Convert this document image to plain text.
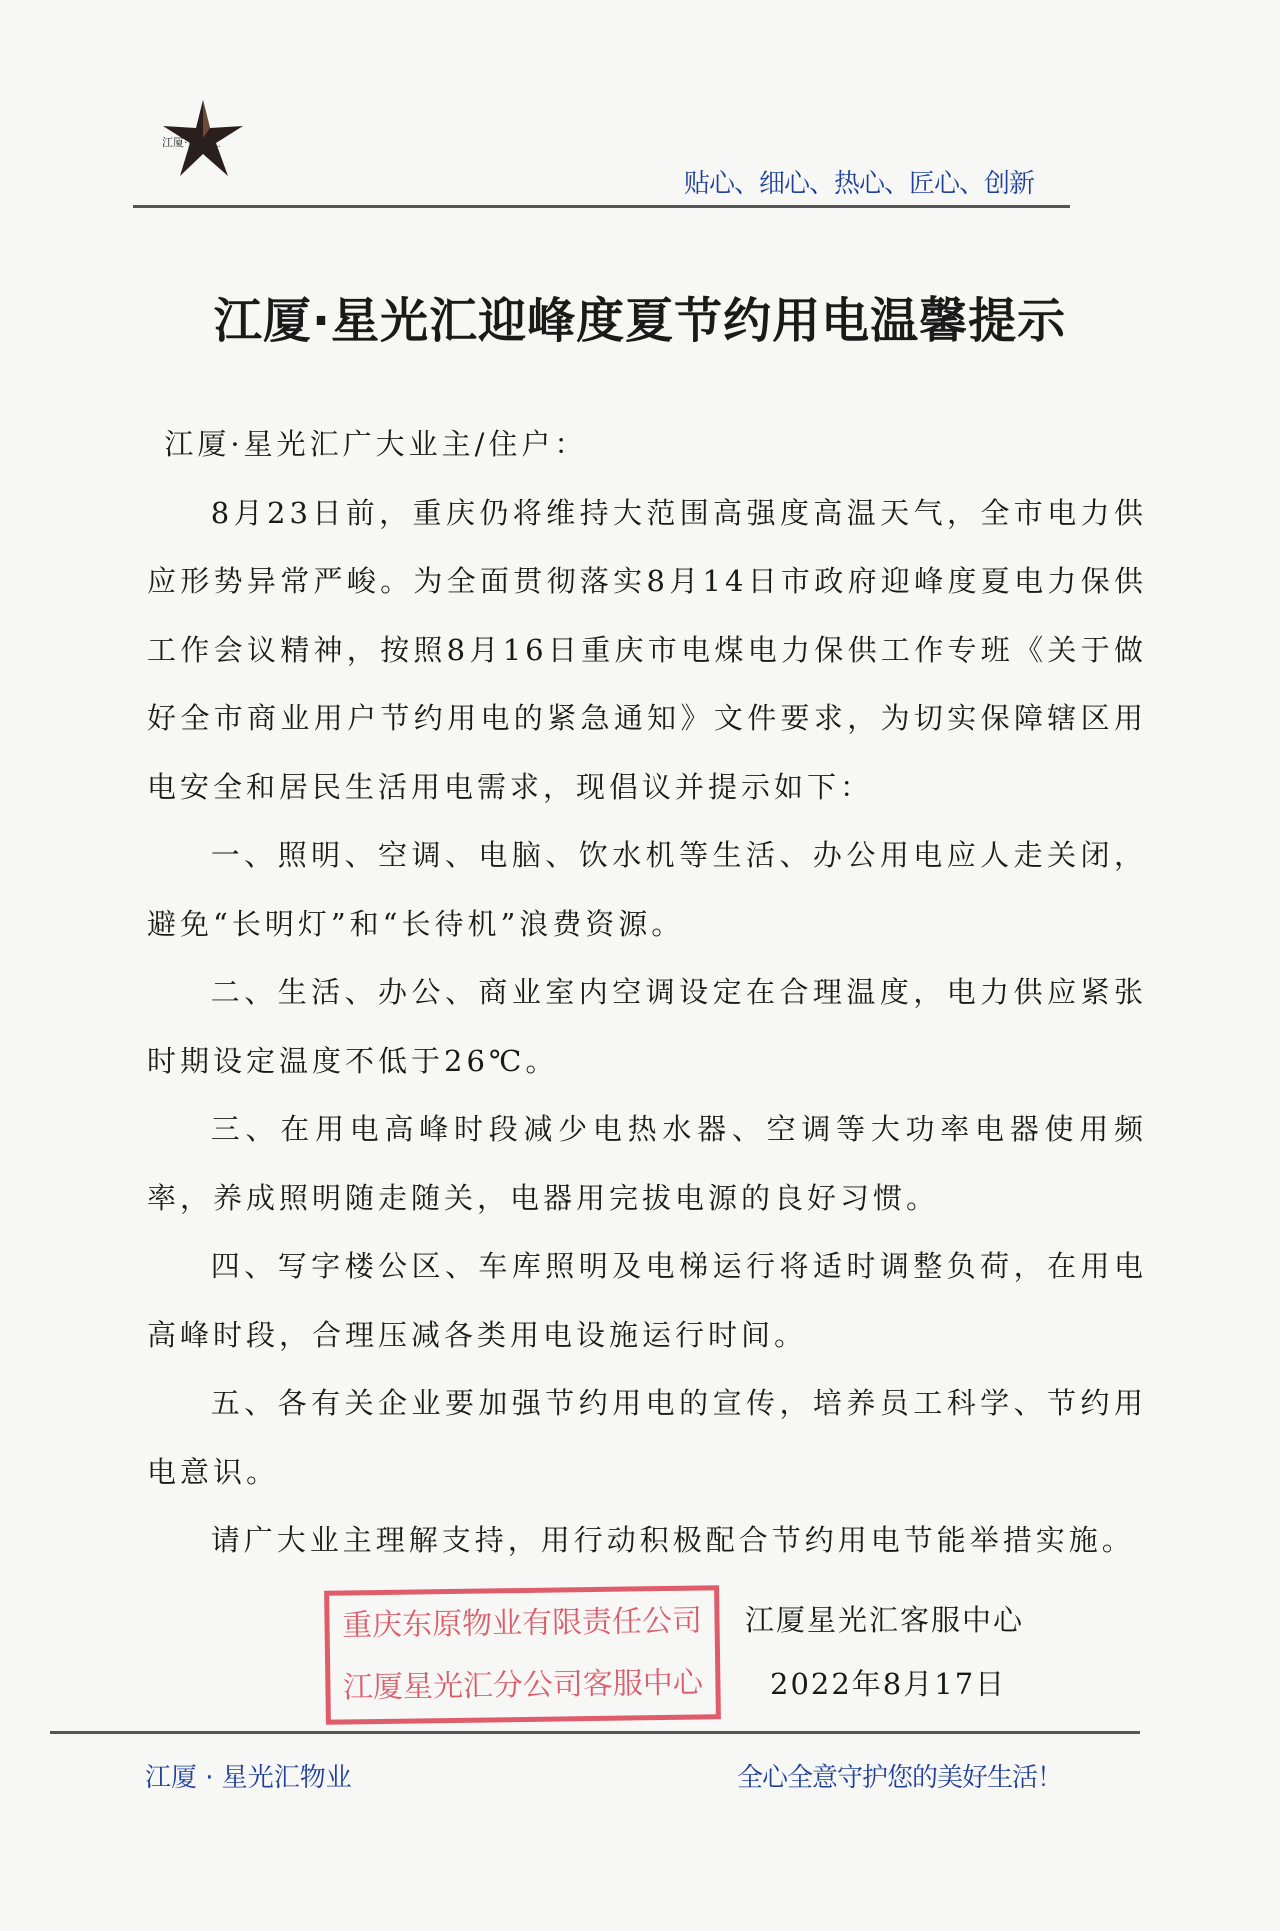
江厦·星光汇
贴心、细心、热心、匠心、创新
江厦·星光汇迎峰度夏节约用电温馨提示

江厦·星光汇广大业主/住户：

8月23日前，重庆仍将维持大范围高强度高温天气，全市电力供应形势异常严峻。为全面贯彻落实8月14日市政府迎峰度夏电力保供工作会议精神，按照8月16日重庆市电煤电力保供工作专班《关于做好全市商业用户节约用电的紧急通知》文件要求，为切实保障辖区用电安全和居民生活用电需求，现倡议并提示如下：

一、照明、空调、电脑、饮水机等生活、办公用电应人走关闭，避免“长明灯”和“长待机”浪费资源。

二、生活、办公、商业室内空调设定在合理温度，电力供应紧张时期设定温度不低于26℃。

三、在用电高峰时段减少电热水器、空调等大功率电器使用频率，养成照明随走随关，电器用完拔电源的良好习惯。

四、写字楼公区、车库照明及电梯运行将适时调整负荷，在用电高峰时段，合理压减各类用电设施运行时间。

五、各有关企业要加强节约用电的宣传，培养员工科学、节约用电意识。

请广大业主理解支持，用行动积极配合节约用电节能举措实施。

重庆东原物业有限责任公司
江厦星光汇分公司客服中心
江厦星光汇客服中心
2022年8月17日
江厦 · 星光汇物业	全心全意守护您的美好生活！
